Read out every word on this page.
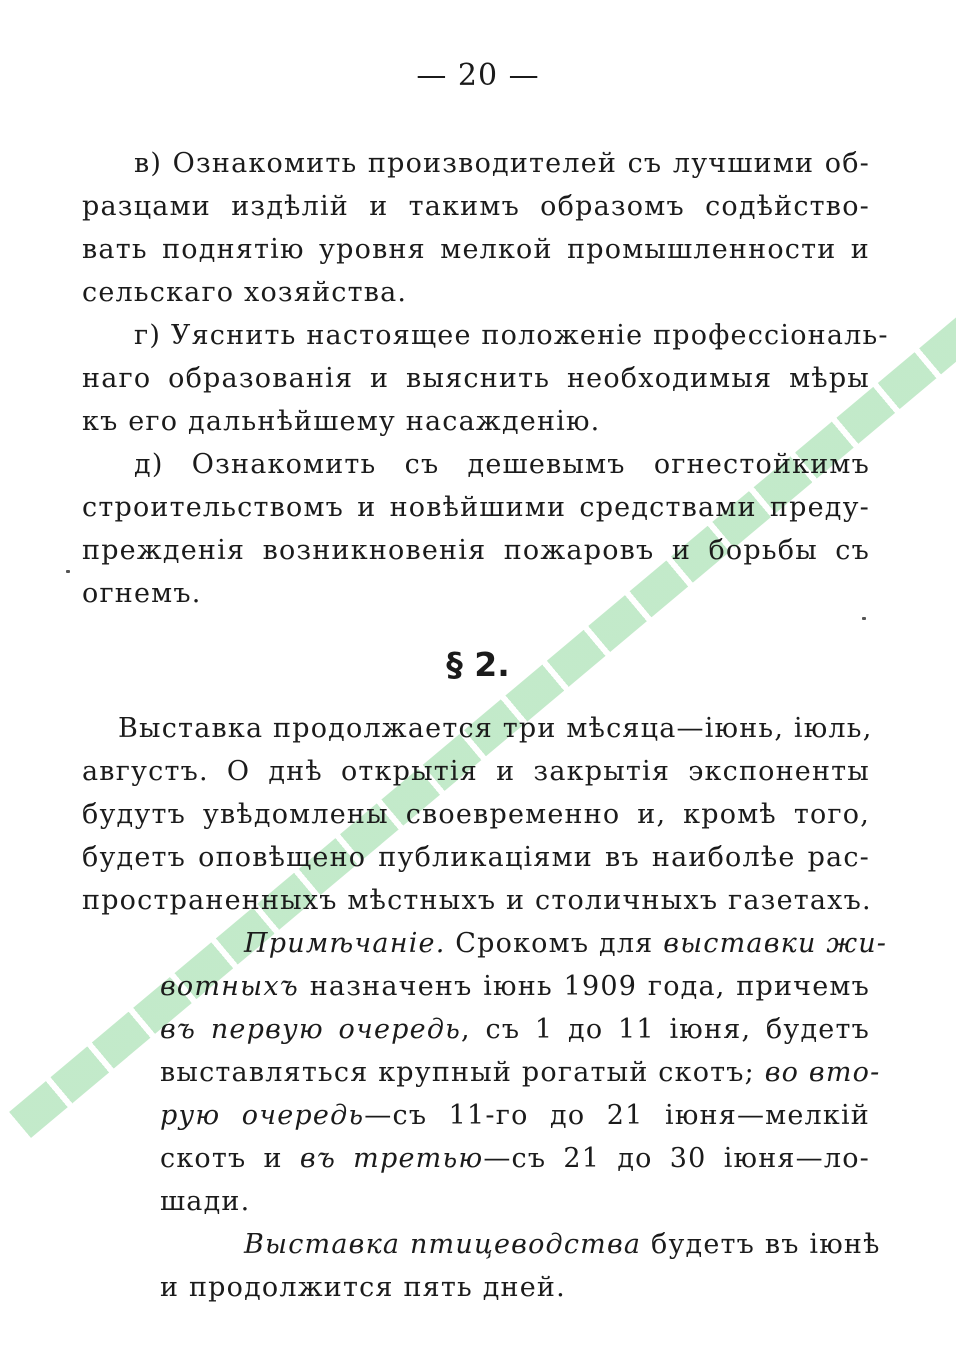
— 20 —
в) Ознакомить производителей съ лучшими об-
разцами издѣлій и такимъ образомъ содѣйство-
вать поднятію уровня мелкой промышленности и
сельскаго хозяйства.
г) Уяснить настоящее положеніе профессіональ-
наго образованія и выяснить необходимыя мѣры
къ его дальнѣйшему насажденію.
д) Ознакомить съ дешевымъ огнестойкимъ
строительствомъ и новѣйшими средствами преду-
прежденія возникновенія пожаровъ и борьбы съ
огнемъ.
§ 2.
Выставка продолжается три мѣсяца—іюнь, іюль,
августъ. О днѣ открытія и закрытія экспоненты
будутъ увѣдомлены своевременно и, кромѣ того,
будетъ оповѣщено публикаціями въ наиболѣе рас-
пространенныхъ мѣстныхъ и столичныхъ газетахъ.
Примѣчаніе. Срокомъ для выставки жи-
вотныхъ назначенъ іюнь 1909 года, причемъ
въ первую очередь, съ 1 до 11 іюня, будетъ
выставляться крупный рогатый скотъ; во вто-
рую очередь—съ 11-го до 21 іюня—мелкій
скотъ и въ третью—съ 21 до 30 іюня—ло-
шади.
Выставка птицеводства будетъ въ іюнѣ
и продолжится пять дней.
